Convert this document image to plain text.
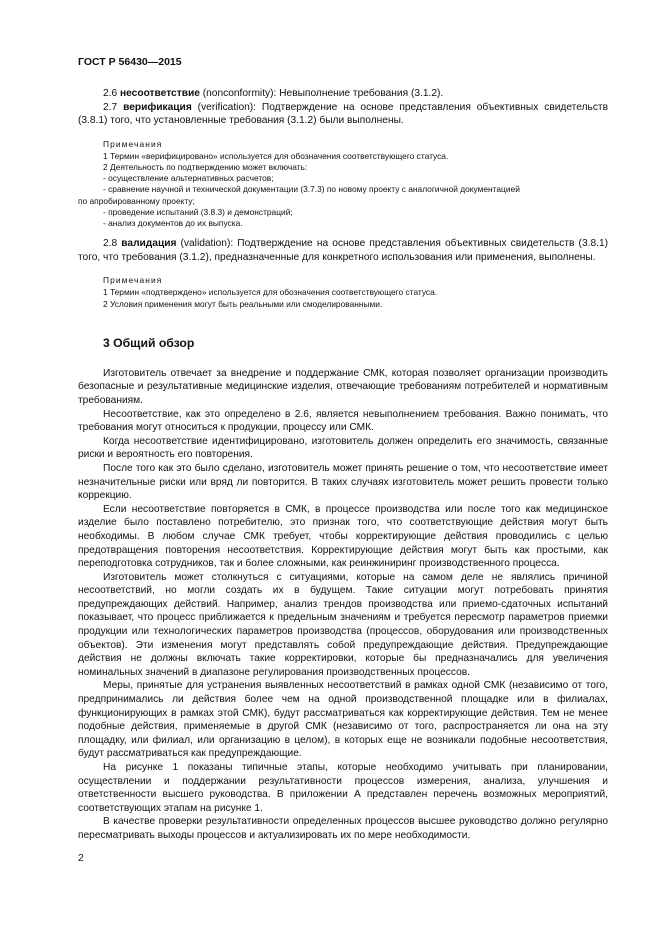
ГОСТ Р 56430—2015

2.6 несоответствие (nonconformity): Невыполнение требования (3.1.2).

2.7 верификация (verification): Подтверждение на основе представления объективных свидетельств (3.8.1) того, что установленные требования (3.1.2) были выполнены.

Примечания

1 Термин «верифицировано» используется для обозначения соответствующего статуса.

2 Деятельность по подтверждению может включать:

- осуществление альтернативных расчетов;

- сравнение научной и технической документации (3.7.3) по новому проекту с аналогичной документацией

по апробированному проекту;

- проведение испытаний (3.8.3) и демонстраций;

- анализ документов до их выпуска.

2.8 валидация (validation): Подтверждение на основе представления объективных свидетельств (3.8.1) того, что требования (3.1.2), предназначенные для конкретного использования или применения, выполнены.

Примечания

1 Термин «подтверждено» используется для обозначения соответствующего статуса.

2 Условия применения могут быть реальными или смоделированными.

3 Общий обзор

Изготовитель отвечает за внедрение и поддержание СМК, которая позволяет организации производить безопасные и результативные медицинские изделия, отвечающие требованиям потребителей и нормативным требованиям.

Несоответствие, как это определено в 2.6, является невыполнением требования. Важно понимать, что требования могут относиться к продукции, процессу или СМК.

Когда несоответствие идентифицировано, изготовитель должен определить его значимость, связанные риски и вероятность его повторения.

После того как это было сделано, изготовитель может принять решение о том, что несоответствие имеет незначительные риски или вряд ли повторится. В таких случаях изготовитель может решить провести только коррекцию.

Если несоответствие повторяется в СМК, в процессе производства или после того как медицинское изделие было поставлено потребителю, это признак того, что соответствующие действия могут быть необходимы. В любом случае СМК требует, чтобы корректирующие действия проводились с целью предотвращения повторения несоответствия. Корректирующие действия могут быть как простыми, как переподготовка сотрудников, так и более сложными, как реинжиниринг производственного процесса.

Изготовитель может столкнуться с ситуациями, которые на самом деле не являлись причиной несоответствий, но могли создать их в будущем. Такие ситуации могут потребовать принятия предупреждающих действий. Например, анализ трендов производства или приемо-сдаточных испытаний показывает, что процесс приближается к предельным значениям и требуется пересмотр параметров приемки продукции или технологических параметров производства (процессов, оборудования или производственных объектов). Эти изменения могут представлять собой предупреждающие действия. Предупреждающие действия не должны включать такие корректировки, которые бы предназначались для увеличения номинальных значений в диапазоне регулирования производственных процессов.

Меры, принятые для устранения выявленных несоответствий в рамках одной СМК (независимо от того, предпринимались ли действия более чем на одной производственной площадке или в филиалах, функционирующих в рамках этой СМК), будут рассматриваться как корректирующие действия. Тем не менее подобные действия, применяемые в другой СМК (независимо от того, распространяется ли она на эту площадку, или филиал, или организацию в целом), в которых еще не возникали подобные несоответствия, будут рассматриваться как предупреждающие.

На рисунке 1 показаны типичные этапы, которые необходимо учитывать при планировании, осуществлении и поддержании результативности процессов измерения, анализа, улучшения и ответственности высшего руководства. В приложении А представлен перечень возможных мероприятий, соответствующих этапам на рисунке 1.

В качестве проверки результативности определенных процессов высшее руководство должно регулярно пересматривать выходы процессов и актуализировать их по мере необходимости.

2
